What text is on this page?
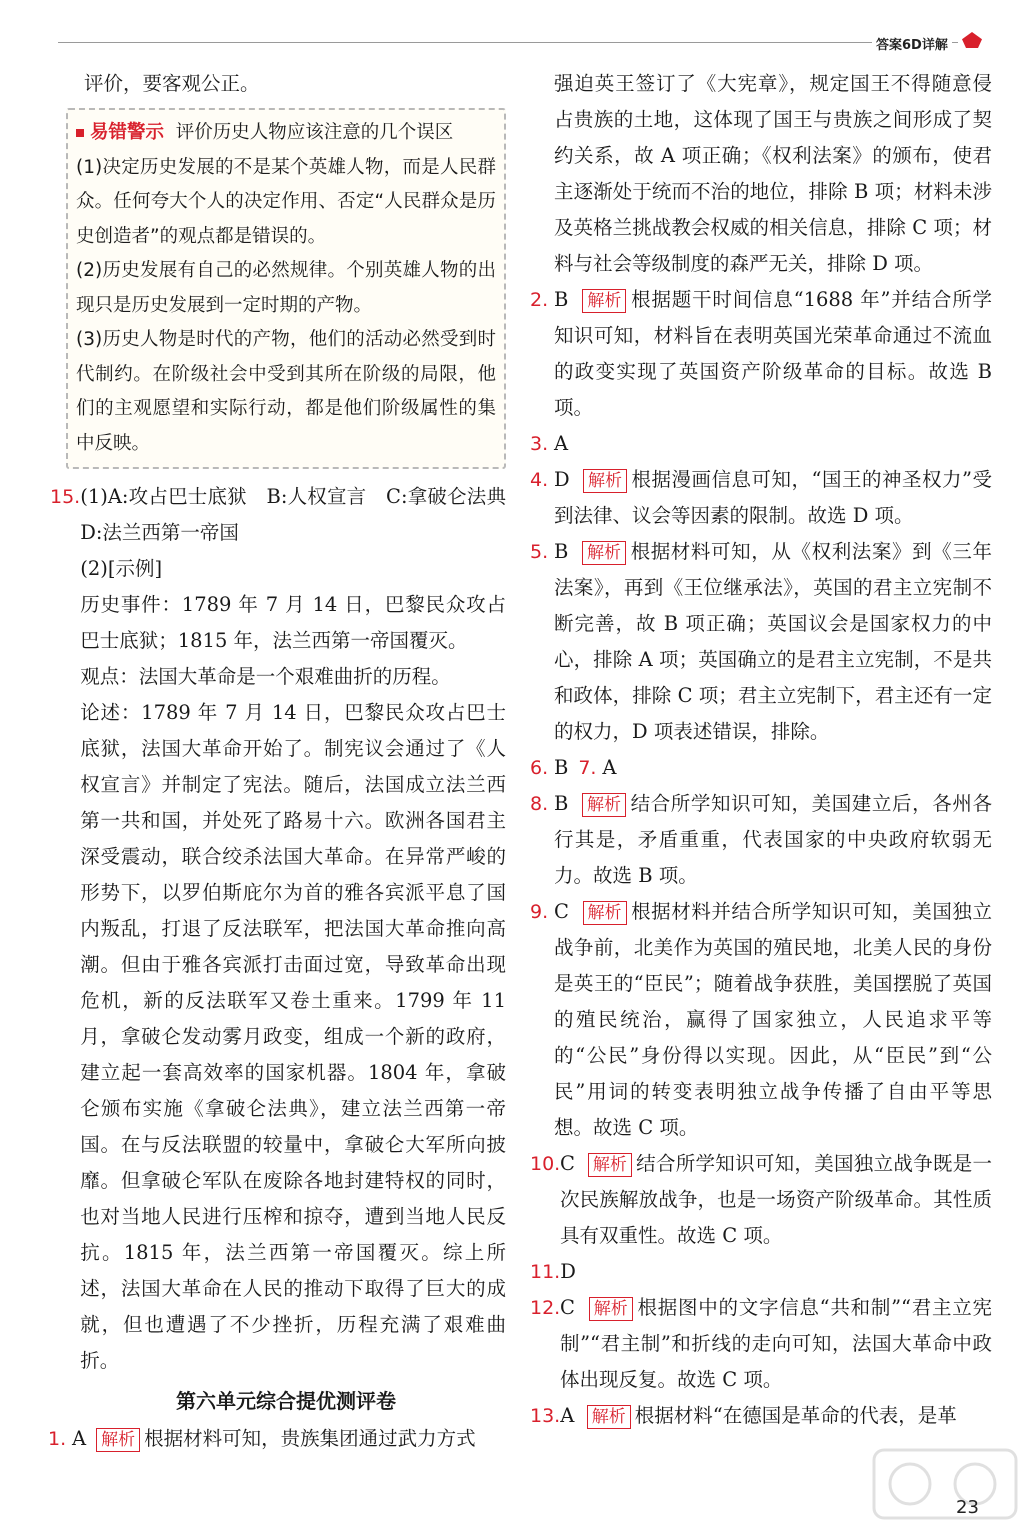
答案6D详解

评价，要客观公正。

易错警示 评价历史人物应该注意的几个误区

(1)决定历史发展的不是某个英雄人物，而是人民群众。任何夸大个人的决定作用、否定“人民群众是历史创造者”的观点都是错误的。

(2)历史发展有自己的必然规律。个别英雄人物的出现只是历史发展到一定时期的产物。

(3)历史人物是时代的产物，他们的活动必然受到时代制约。在阶级社会中受到其所在阶级的局限，他们的主观愿望和实际行动，都是他们阶级属性的集中反映。

15. (1)A:攻占巴士底狱　B:人权宣言　C:拿破仑法典　D:法兰西第一帝国

(2)[示例]

历史事件：1789 年 7 月 14 日，巴黎民众攻占巴士底狱；1815 年，法兰西第一帝国覆灭。

观点：法国大革命是一个艰难曲折的历程。

论述：1789 年 7 月 14 日，巴黎民众攻占巴士底狱，法国大革命开始了。制宪议会通过了《人权宣言》并制定了宪法。随后，法国成立法兰西第一共和国，并处死了路易十六。欧洲各国君主深受震动，联合绞杀法国大革命。在异常严峻的形势下，以罗伯斯庇尔为首的雅各宾派平息了国内叛乱，打退了反法联军，把法国大革命推向高潮。但由于雅各宾派打击面过宽，导致革命出现危机，新的反法联军又卷土重来。1799 年 11 月，拿破仑发动雾月政变，组成一个新的政府，建立起一套高效率的国家机器。1804 年，拿破仑颁布实施《拿破仑法典》，建立法兰西第一帝国。在与反法联盟的较量中，拿破仑大军所向披靡。但拿破仑军队在废除各地封建特权的同时，也对当地人民进行压榨和掠夺，遭到当地人民反抗。1815 年，法兰西第一帝国覆灭。综上所述，法国大革命在人民的推动下取得了巨大的成就，但也遭遇了不少挫折，历程充满了艰难曲折。

第六单元综合提优测评卷
1. A 解析 根据材料可知，贵族集团通过武力方式

强迫英王签订了《大宪章》，规定国王不得随意侵占贵族的土地，这体现了国王与贵族之间形成了契约关系，故 A 项正确；《权利法案》的颁布，使君主逐渐处于统而不治的地位，排除 B 项；材料未涉及英格兰挑战教会权威的相关信息，排除 C 项；材料与社会等级制度的森严无关，排除 D 项。

2. B 解析 根据题干时间信息“1688 年”并结合所学知识可知，材料旨在表明英国光荣革命通过不流血的政变实现了英国资产阶级革命的目标。故选 B 项。

3. A
4. D 解析 根据漫画信息可知，“国王的神圣权力”受到法律、议会等因素的限制。故选 D 项。

5. B 解析 根据材料可知，从《权利法案》到《三年法案》，再到《王位继承法》，英国的君主立宪制不断完善，故 B 项正确；英国议会是国家权力的中心，排除 A 项；英国确立的是君主立宪制，不是共和政体，排除 C 项；君主立宪制下，君主还有一定的权力，D 项表述错误，排除。

6. B 7. A
8. B 解析 结合所学知识可知，美国建立后，各州各行其是，矛盾重重，代表国家的中央政府软弱无力。故选 B 项。

9. C 解析 根据材料并结合所学知识可知，美国独立战争前，北美作为英国的殖民地，北美人民的身份是英王的“臣民”；随着战争获胜，美国摆脱了英国的殖民统治，赢得了国家独立，人民追求平等的“公民”身份得以实现。因此，从“臣民”到“公民”用词的转变表明独立战争传播了自由平等思想。故选 C 项。

10. C 解析 结合所学知识可知，美国独立战争既是一次民族解放战争，也是一场资产阶级革命。其性质具有双重性。故选 C 项。

11. D
12. C 解析 根据图中的文字信息“共和制”“君主立宪制”“君主制”和折线的走向可知，法国大革命中政体出现反复。故选 C 项。

13. A 解析 根据材料“在德国是革命的代表，是革

23
